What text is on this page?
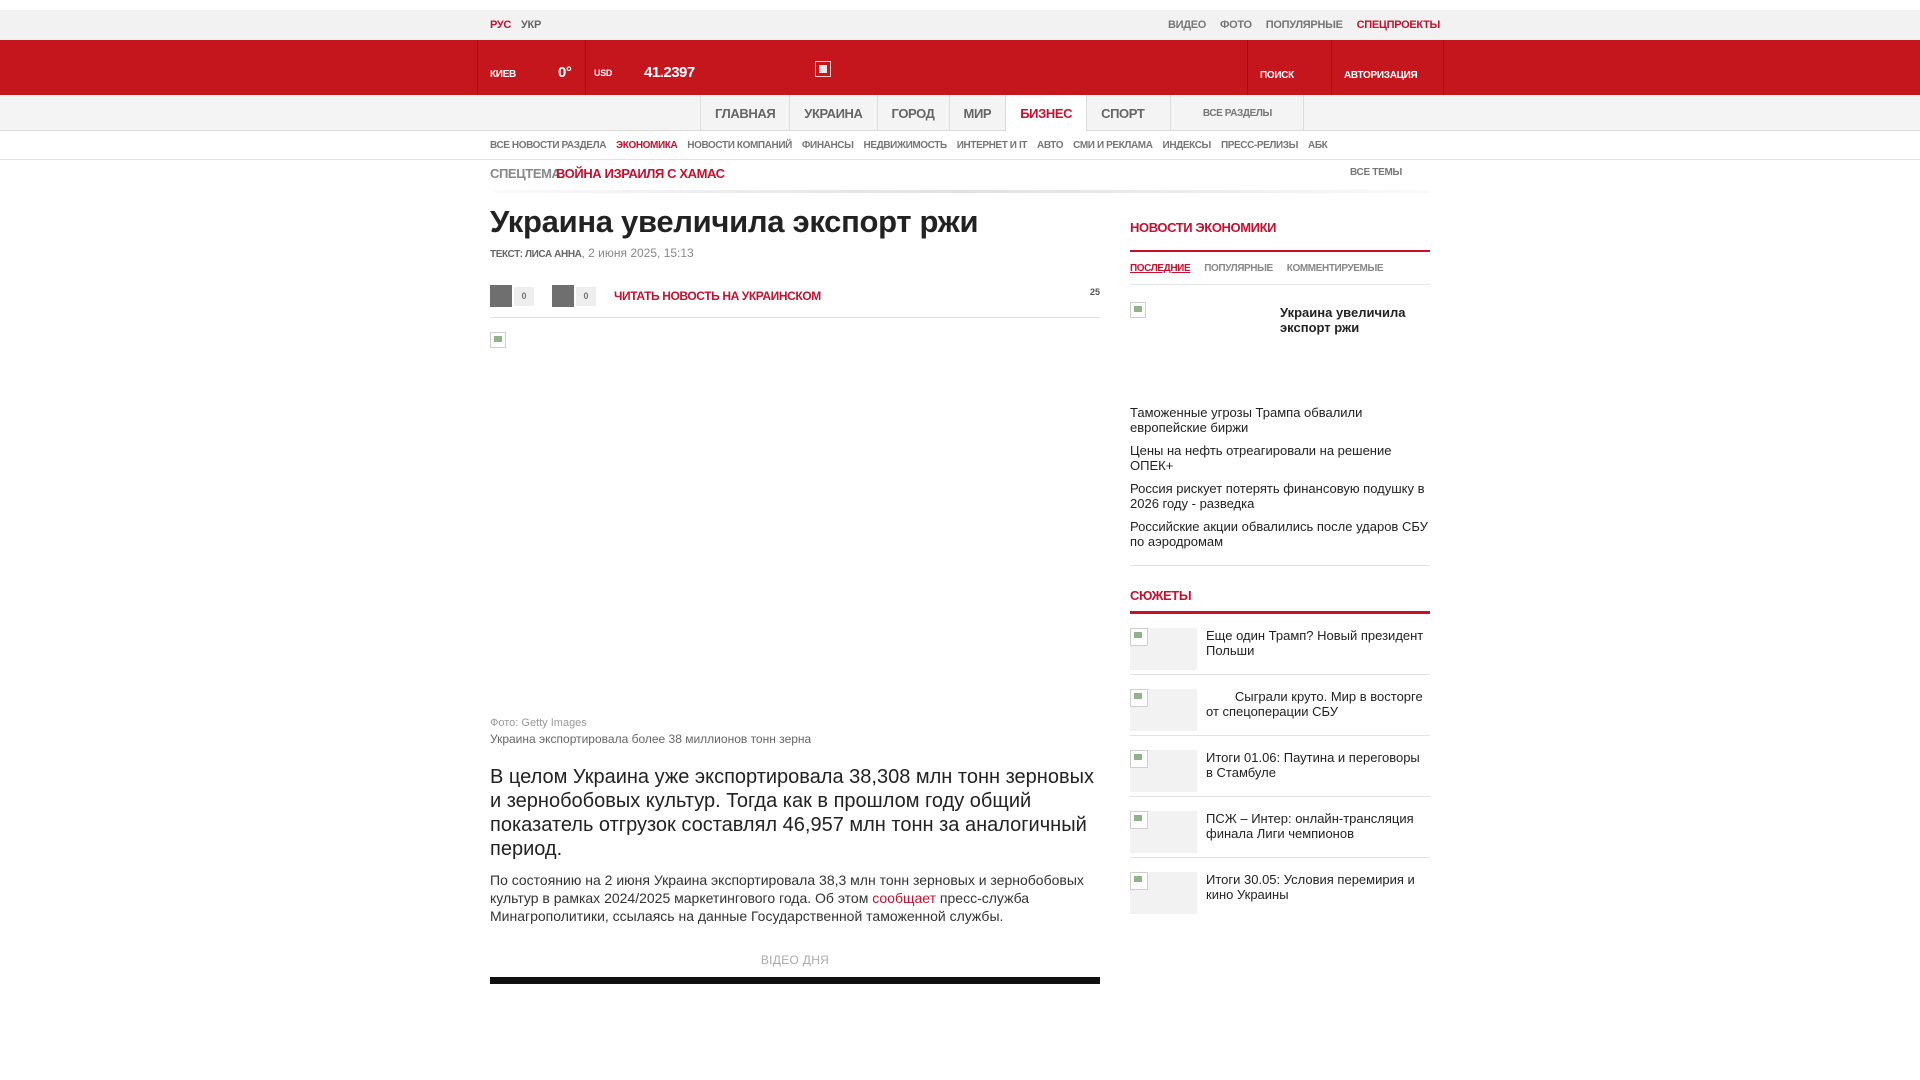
РУС УКР	ВИДЕО ФОТО ПОПУЛЯРНЫЕ СПЕЦПРОЕКТЫ
КИЕВ	0°	USD 41.2397	ПОИСК	АВТОРИЗАЦИЯ
ГЛАВНАЯ	УКРАИНА	ГОРОД	МИР	БИЗНЕС	СПОРТ	ВСЕ РАЗДЕЛЫ
ВСЕ НОВОСТИ РАЗДЕЛА ЭКОНОМИКА НОВОСТИ КОМПАНИЙ ФИНАНСЫ НЕДВИЖИМОСТЬ ИНТЕРНЕТ И IT АВТО СМИ И РЕКЛАМА ИНДЕКСЫ ПРЕСС-РЕЛИЗЫ АБК
СПЕЦТЕМА:
ВОЙНА ИЗРАИЛЯ С ХАМАС	ВСЕ ТЕМЫ
Украина увеличила экспорт ржи
ТЕКСТ: ЛИСА АННА, 2 июня 2025, 15:13
0	0	ЧИТАТЬ НОВОСТЬ НА УКРАИНСКОМ	25
Фото: Getty Images
Украина экспортировала более 38 миллионов тонн зерна

В целом Украина уже экспортировала 38,308 млн тонн зерновых и зернобобовых культур. Тогда как в прошлом году общий показатель отгрузок составлял 46,957 млн тонн за аналогичный период.

По состоянию на 2 июня Украина экспортировала 38,3 млн тонн зерновых и зернобобовых культур в рамках 2024/2025 маркетингового года. Об этом сообщает пресс-служба Минагрополитики, ссылаясь на данные Государственной таможенной службы.

ВІДЕО ДНЯ
НОВОСТИ ЭКОНОМИКИ
ПОСЛЕДНИЕ ПОПУЛЯРНЫЕ КОММЕНТИРУЕМЫЕ
Украина увеличила экспорт ржи
Таможенные угрозы Трампа обвалили европейские биржи
Цены на нефть отреагировали на решение ОПЕК+
Россия рискует потерять финансовую подушку в 2026 году - разведка
Российские акции обвалились после ударов СБУ по аэродромам
СЮЖЕТЫ
Еще один Трамп? Новый президент Польши
Сыграли круто. Мир в восторге от спецоперации СБУ
Итоги 01.06: Паутина и переговоры в Стамбуле
ПСЖ – Интер: онлайн-трансляция финала Лиги чемпионов
Итоги 30.05: Условия перемирия и кино Украины
